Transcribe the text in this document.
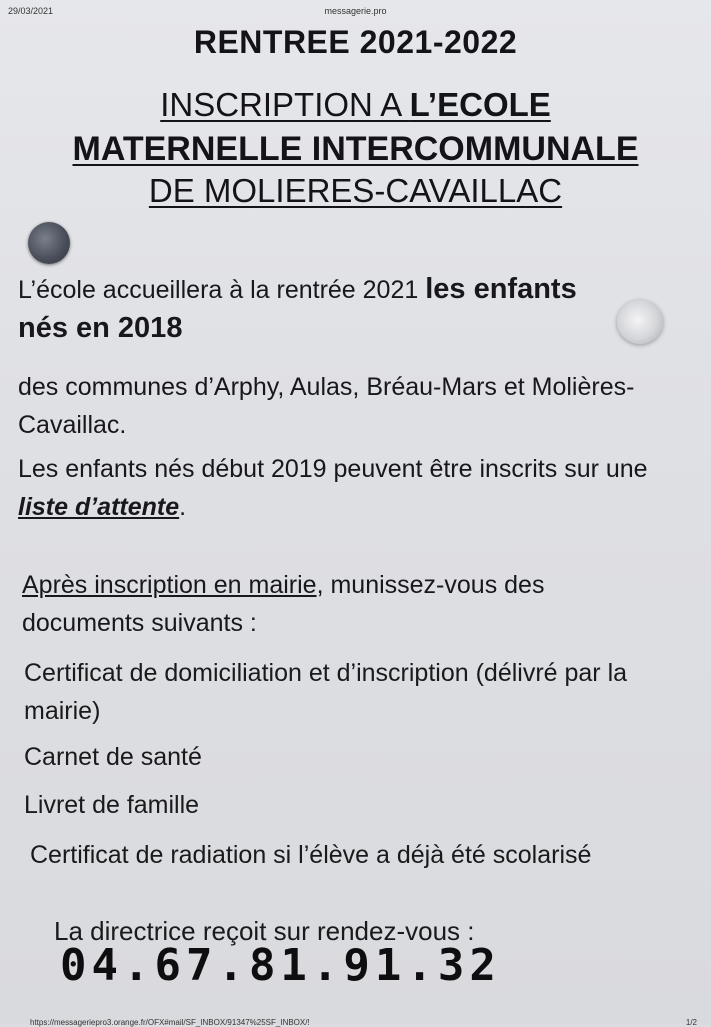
29/03/2021	messagerie.pro
RENTREE 2021-2022
INSCRIPTION A L’ECOLE
MATERNELLE INTERCOMMUNALE
DE MOLIERES-CAVAILLAC
L’école accueillera à la rentrée 2021 les enfants nés en 2018
des communes d’Arphy, Aulas, Bréau-Mars et Molières-Cavaillac.
Les enfants nés début 2019 peuvent être inscrits sur une liste d’attente.
Après inscription en mairie, munissez-vous des documents suivants :
Certificat de domiciliation et d’inscription (délivré par la mairie)
Carnet de santé
Livret de famille
Certificat de radiation si l’élève a déjà été scolarisé
La directrice reçoit sur rendez-vous :
04.67.81.91.32
https://messageriepro3.orange.fr/OFX#mail/SF_INBOX/91347%25SF_INBOX/!	1/2
